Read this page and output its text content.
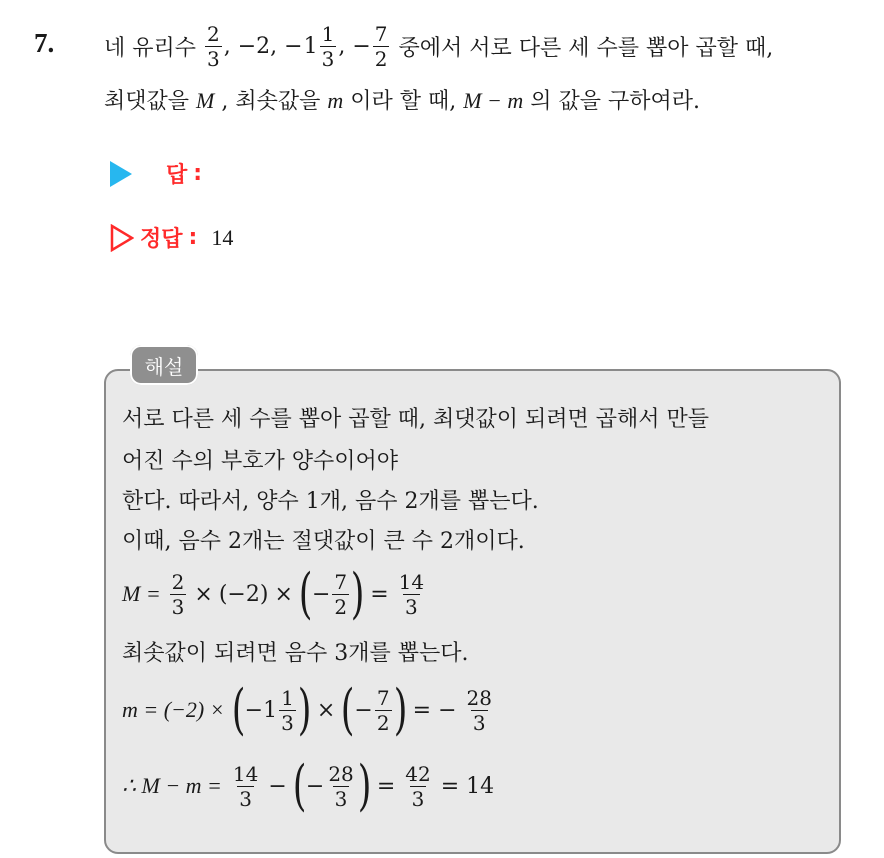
7. 네 유리수
$\frac{2}{3}$ , −2, − $1 \frac{1}{3}$ , − $\frac{7}{2}$
중에서 서로 다른 세 수를 뽑아 곱할 때,
최댓값을 M , 최솟값을 m 이라 할 때, M − m 의 값을 구하여라.
답 :
정답 : 14
해설
서로 다른 세 수를 뽑아 곱할 때, 최댓값이 되려면 곱해서 만들
어진 수의 부호가 양수이어야
한다. 따라서, 양수 1개, 음수 2개를 뽑는다.
이때, 음수 2개는 절댓값이 큰 수 2개이다.
M =
$\frac{2}{3} \times (-2)$ × ( − $\frac{7}{2}$ ) = $\frac{14}{3}$
최솟값이 되려면 음수 3개를 뽑는다.
m = (−2) ×
( $-1 \frac{1}{3}$ ) × ( − $\frac{7}{2}$ ) = − $\frac{28}{3}$
∴ M − m =
$\frac{14}{3}$ − ( − $\frac{28}{3}$ ) = $\frac{42}{3} = 14$
